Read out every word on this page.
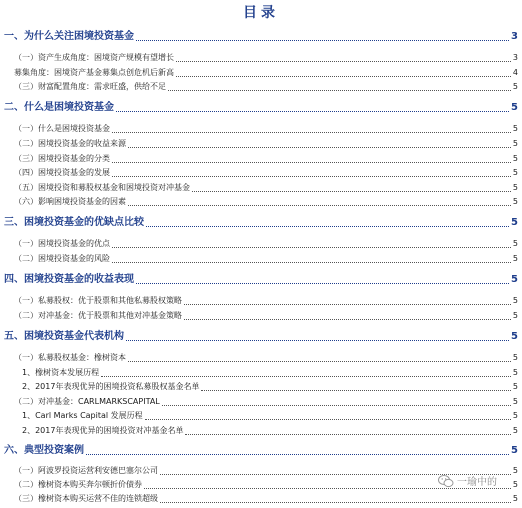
目录
一、为什么关注困境投资基金	3
（一）资产生成角度：困境资产规模有望增长	3
募集角度：困境资产基金募集点创危机后新高	4
（三）财富配置角度：需求旺盛，供给不足	5
二、什么是困境投资基金	5
（一）什么是困境投资基金	5
（二）困境投资基金的收益来源	5
（三）困境投资基金的分类	5
（四）困境投资基金的发展	5
（五）困境投资和募股权基金和困境投资对冲基金	5
（六）影响困境投资基金的因素	5
三、困境投资基金的优缺点比较	5
（一）困境投资基金的优点	5
（二）困境投资基金的风险	5
四、困境投资基金的收益表现	5
（一）私募股权：优于股票和其他私募股权策略	5
（二）对冲基金：优于股票和其他对冲基金策略	5
五、困境投资基金代表机构	5
（一）私募股权基金：橡树资本	5
1、橡树资本发展历程	5
2、2017年表现优异的困境投资私募股权基金名单	5
（二）对冲基金：CARLMARKSCAPITAL	5
1、Carl Marks Capital 发展历程	5
2、2017年表现优异的困境投资对冲基金名单	5
六、典型投资案例	5
（一）阿波罗投资运营利安德巴塞尔公司	5
（二）橡树资本购买奔尔顿折价债券	5
（三）橡树资本购买运营不佳的连锁超级	5
一瑜中的
